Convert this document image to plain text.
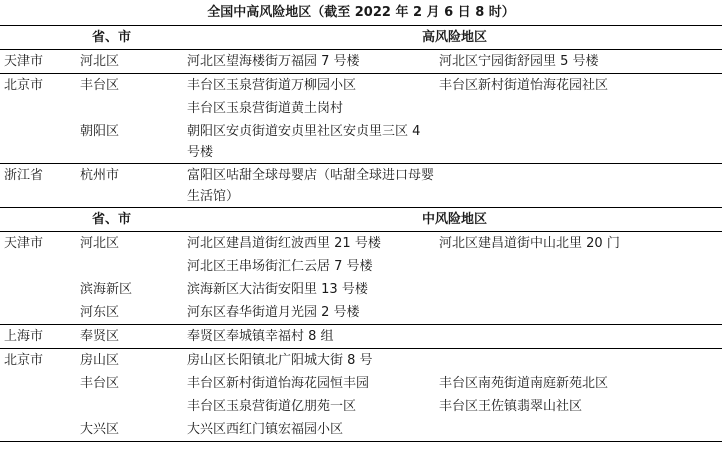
全国中高风险地区（截至 2022 年 2 月 6 日 8 时）
省、市		高风险地区	
天津市	河北区	河北区望海楼街万福园 7 号楼	河北区宁园街舒园里 5 号楼
北京市	丰台区	丰台区玉泉营街道万柳园小区	丰台区新村街道怡海花园社区
		丰台区玉泉营街道黄土岗村	
	朝阳区	朝阳区安贞街道安贞里社区安贞里三区 4 号楼	
浙江省	杭州市	富阳区咕甜全球母婴店（咕甜全球进口母婴生活馆）	
省、市		中风险地区	
天津市	河北区	河北区建昌道街红波西里 21 号楼	河北区建昌道街中山北里 20 门
		河北区王串场街汇仁云居 7 号楼	
	滨海新区	滨海新区大沽街安阳里 13 号楼	
	河东区	河东区春华街道月光园 2 号楼	
上海市	奉贤区	奉贤区奉城镇幸福村 8 组	
北京市	房山区	房山区长阳镇北广阳城大街 8 号	
	丰台区	丰台区新村街道怡海花园恒丰园	丰台区南苑街道南庭新苑北区
		丰台区玉泉营街道亿朋苑一区	丰台区王佐镇翡翠山社区
	大兴区	大兴区西红门镇宏福园小区	
